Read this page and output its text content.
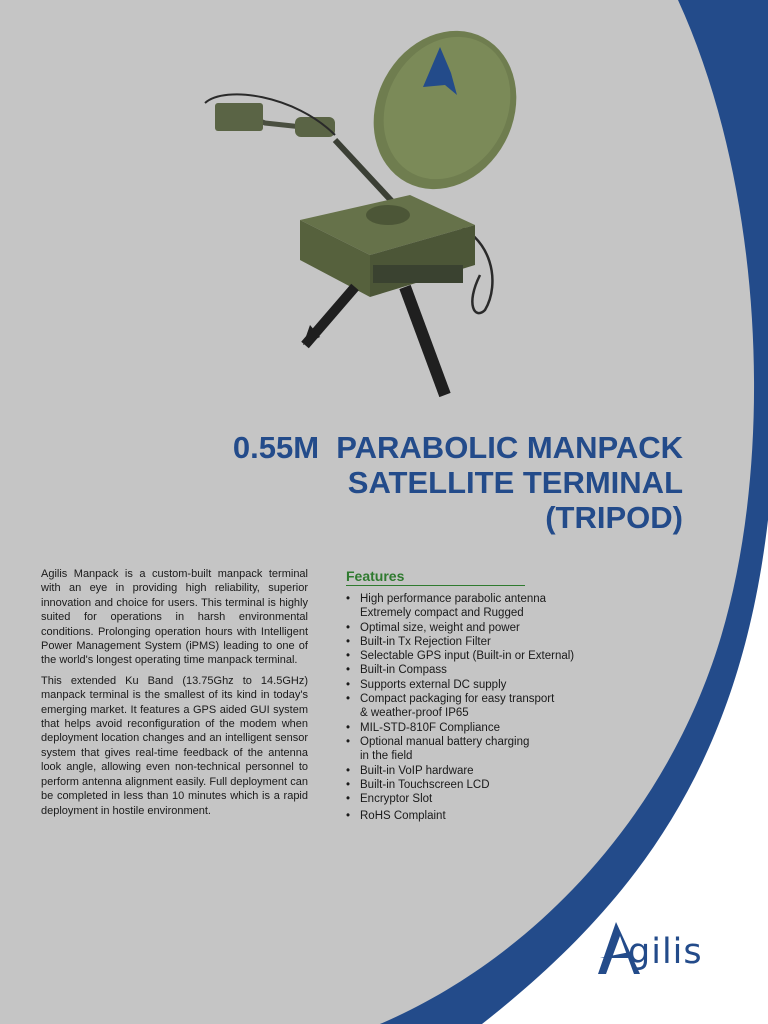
0.55M  PARABOLIC MANPACK
SATELLITE TERMINAL
(TRIPOD)

Agilis Manpack is a custom-built manpack terminal with an eye in providing high reliability, superior innovation and choice for users. This terminal is highly suited for operations in harsh environmental conditions. Prolonging operation hours with Intelligent Power Management System (iPMS) leading to one of the world's longest operating time manpack terminal.

This extended Ku Band (13.75Ghz to 14.5GHz) manpack terminal is the smallest of its kind in today's emerging market. It features a GPS aided GUI system that helps avoid reconfiguration of the modem when deployment location changes and an intelligent sensor system that gives real-time feedback of the antenna look angle, allowing even non-technical personnel to perform antenna alignment easily. Full deployment can be completed in less than 10 minutes which is a rapid deployment in hostile environment.

Features
• High performance parabolic antenna
Extremely compact and Rugged
• Optimal size, weight and power
• Built-in Tx Rejection Filter
• Selectable GPS input (Built-in or External)
• Built-in Compass
• Supports external DC supply
• Compact packaging for easy transport
& weather-proof IP65
• MIL-STD-810F Compliance
• Optional manual battery charging
in the field
• Built-in VoIP hardware
• Built-in Touchscreen LCD
• Encryptor Slot
• RoHS Complaint
gilis
